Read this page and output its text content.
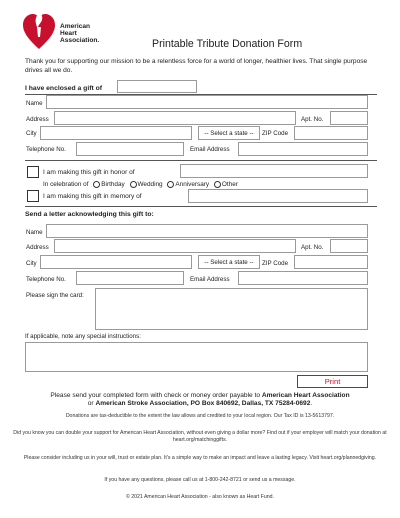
American
Heart
Association.	Printable Tribute Donation Form
Thank you for supporting our mission to be a relentless force for a world of longer, healthier lives. That single purpose drives all we do.
I have enclosed a gift of
Name
Address	Apt. No.
City	-- Select a state --	ZIP Code
Telephone No.	Email Address
I am making this gift in honor of
In celebration of Birthday Wedding Anniversary Other
I am making this gift in memory of
Send a letter acknowledging this gift to:
Name
Address	Apt. No.
City	-- Select a state --	ZIP Code
Telephone No.	Email Address
Please sign the card:
If applicable, note any special instructions:
Print
Please send your completed form with check or money order payable to American Heart Association
or American Stroke Association, PO Box 840692, Dallas, TX 75284-0692.
Donations are tax-deductible to the extent the law allows and credited to your local region. Our Tax ID is 13-5613797.
Did you know you can double your support for American Heart Association, without even giving a dollar more? Find out if your employer will match your donation at heart.org/matchinggifts.
Please consider including us in your will, trust or estate plan. It's a simple way to make an impact and leave a lasting legacy. Visit heart.org/plannedgiving.
If you have any questions, please call us at 1-800-242-8721 or send us a message.
© 2021 American Heart Association - also known as Heart Fund.
